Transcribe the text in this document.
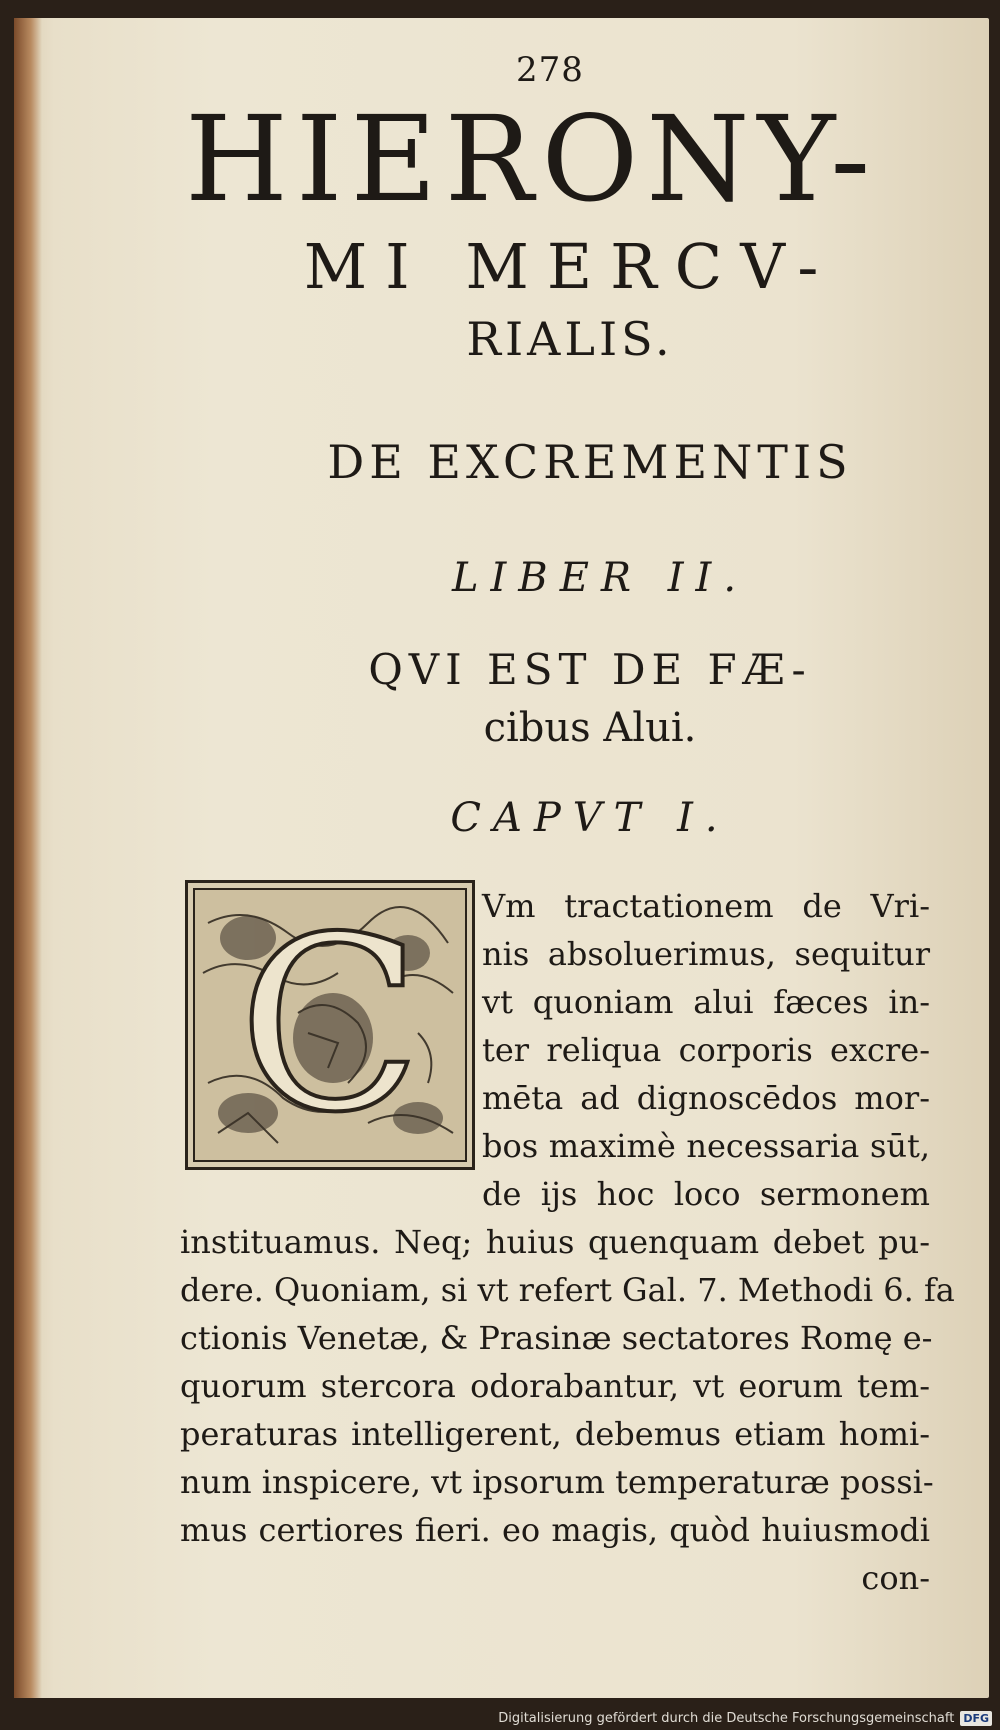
278
HIERONY-
MI MERCV-
RIALIS.
DE EXCREMENTIS
LIBER II.
QVI EST DE FÆ-
cibus Alui.
CAPVT I.
C Vm tractationem de Vri-
nis absoluerimus, sequitur
vt quoniam alui fæces in-
ter reliqua corporis excre-
mēta ad dignoscēdos mor-
bos maximè necessaria sūt,
de ijs hoc loco sermonem
instituamus. Neq; huius quenquam debet pu-
dere. Quoniam, si vt refert Gal. 7. Methodi 6. fa
ctionis Venetæ, & Prasinæ sectatores Romę e-
quorum stercora odorabantur, vt eorum tem-
peraturas intelligerent, debemus etiam homi-
num inspicere, vt ipsorum temperaturæ possi-
mus certiores fieri. eo magis, quòd huiusmodi
con-
Digitalisierung gefördert durch die Deutsche Forschungsgemeinschaft DFG
